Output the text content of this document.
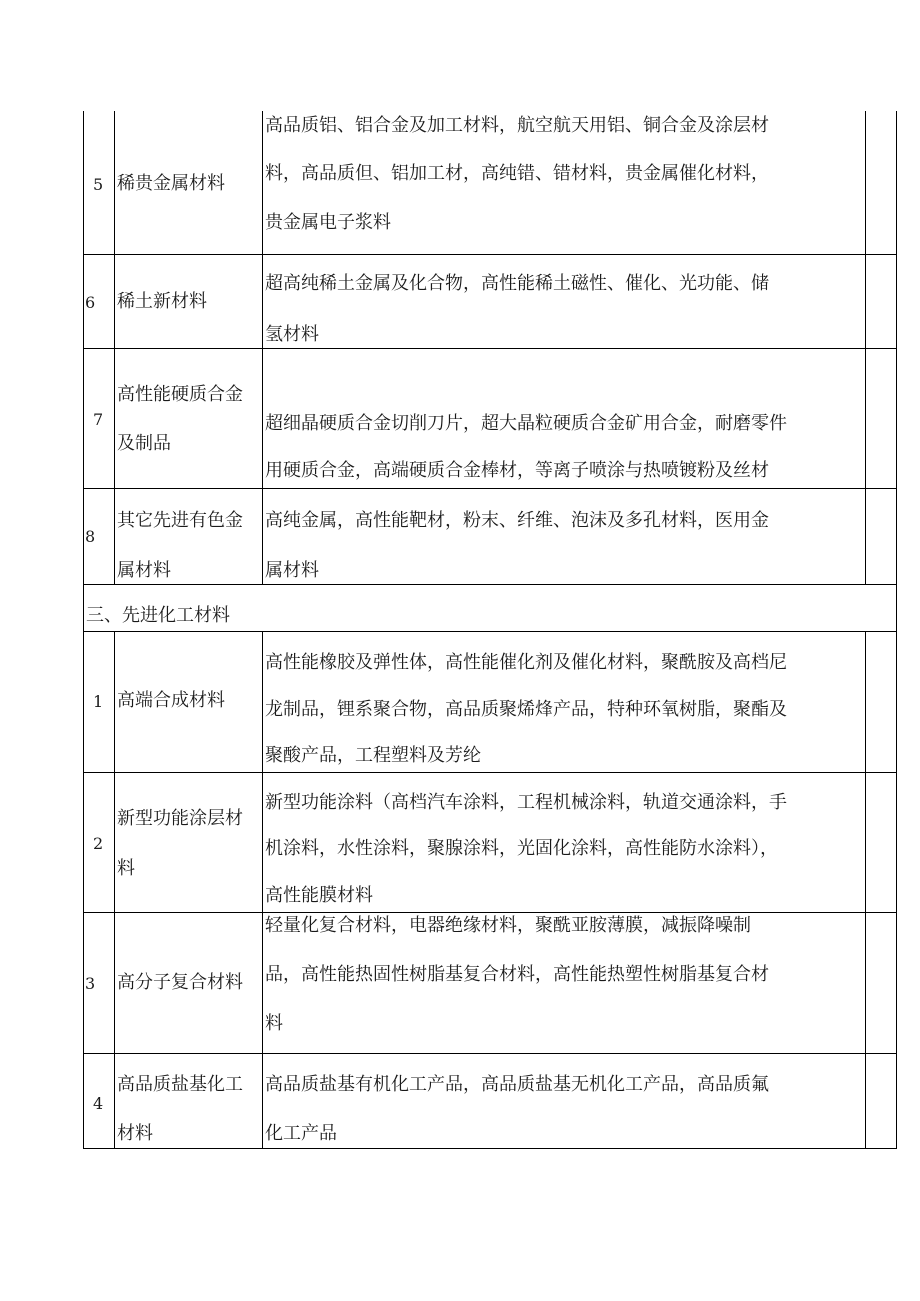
5 稀贵金属材料
高品质铝、铝合金及加工材料，航空航天用铝、铜合金及涂层材
料，高品质但、铝加工材，高纯错、错材料，贵金属催化材料，
贵金属电子浆料
6 稀土新材料
超高纯稀土金属及化合物，高性能稀土磁性、催化、光功能、储
氢材料
7
高性能硬质合金
及制品
超细晶硬质合金切削刀片，超大晶粒硬质合金矿用合金，耐磨零件
用硬质合金，高端硬质合金棒材，等离子喷涂与热喷镀粉及丝材
8
其它先进有色金
属材料
高纯金属，高性能靶材，粉末、纤维、泡沫及多孔材料，医用金
属材料
三、先进化工材料
1 高端合成材料
高性能橡胶及弹性体，高性能催化剂及催化材料，聚酰胺及高档尼
龙制品，锂系聚合物，高品质聚烯烽产品，特种环氧树脂，聚酯及
聚酸产品，工程塑料及芳纶
2
新型功能涂层材
料
新型功能涂料（高档汽车涂料，工程机械涂料，轨道交通涂料，手
机涂料，水性涂料，聚腺涂料，光固化涂料，高性能防水涂料），
高性能膜材料
3 高分子复合材料
轻量化复合材料，电器绝缘材料，聚酰亚胺薄膜，减振降噪制
品，高性能热固性树脂基复合材料，高性能热塑性树脂基复合材
料
4
高品质盐基化工
材料
高品质盐基有机化工产品，高品质盐基无机化工产品，高品质氟
化工产品
